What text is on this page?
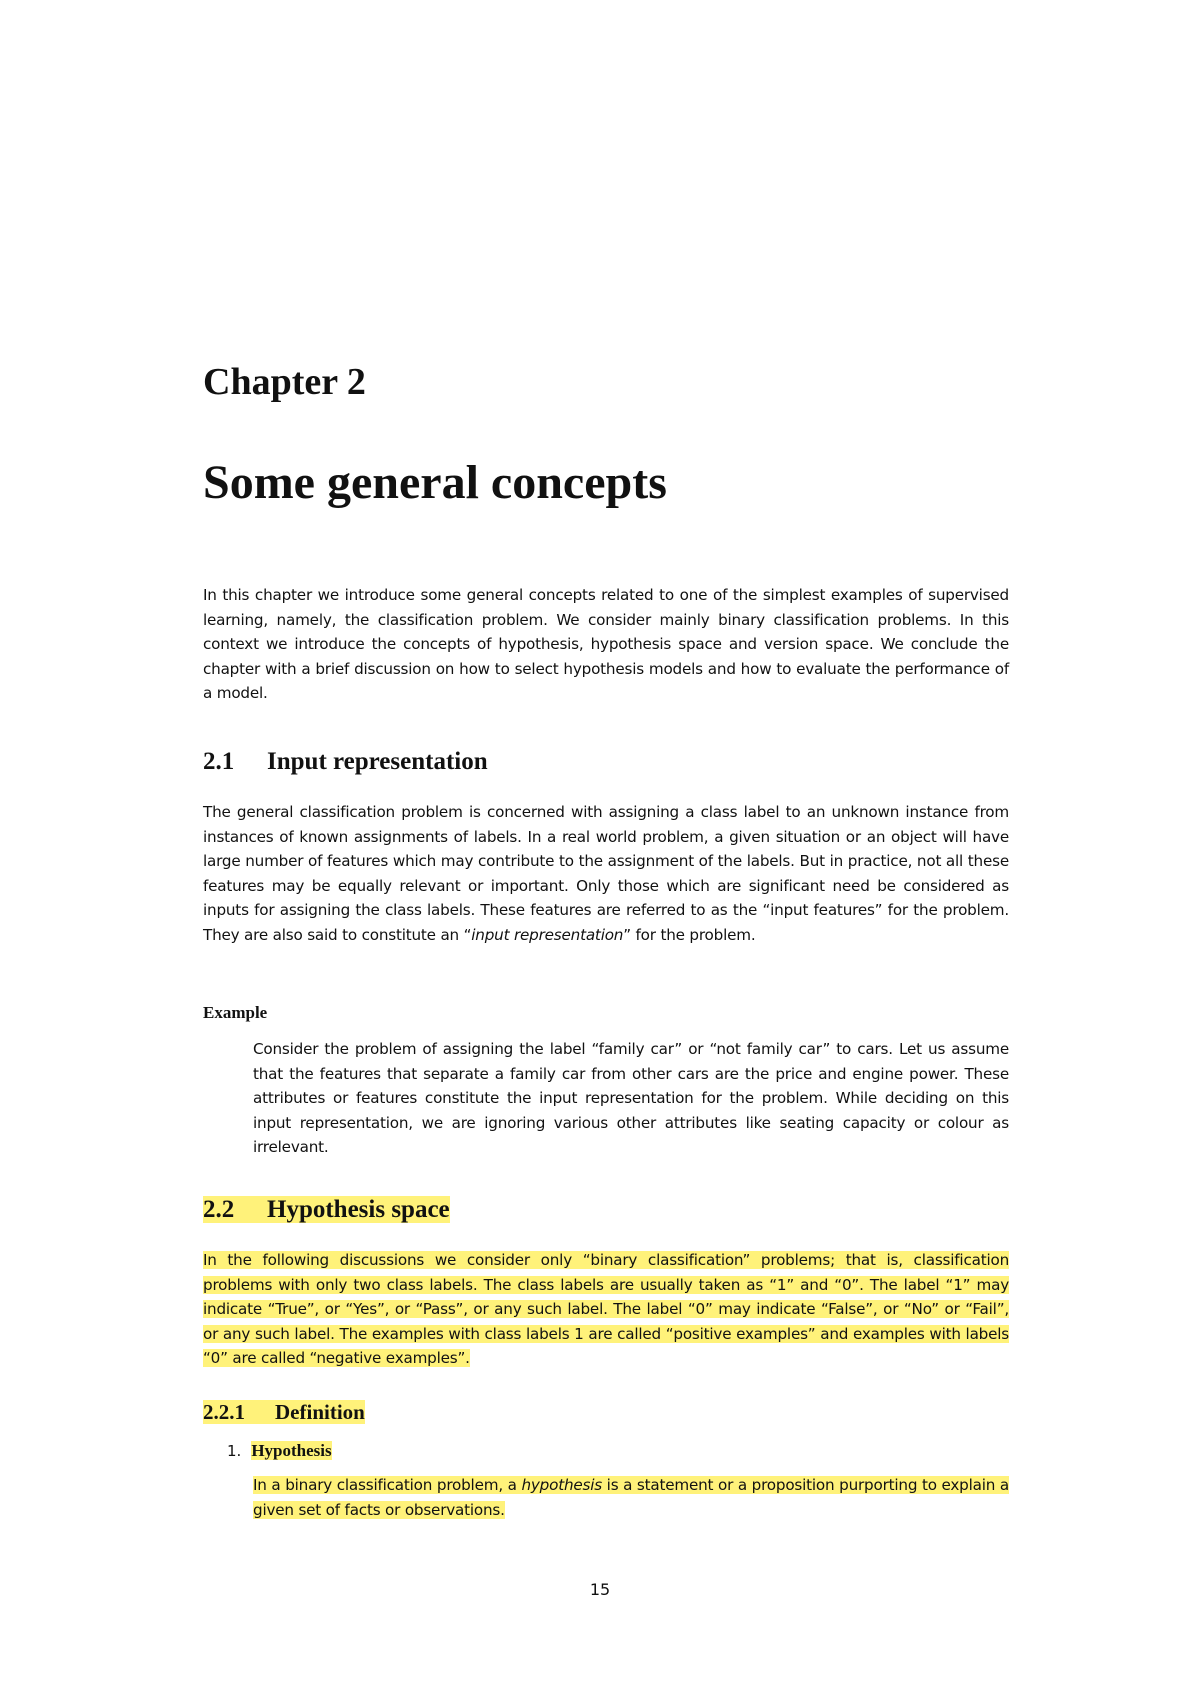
Chapter 2
Some general concepts

In this chapter we introduce some general concepts related to one of the simplest examples of supervised learning, namely, the classification problem. We consider mainly binary classification problems. In this context we introduce the concepts of hypothesis, hypothesis space and version space. We conclude the chapter with a brief discussion on how to select hypothesis models and how to evaluate the performance of a model.

2.1 Input representation

The general classification problem is concerned with assigning a class label to an unknown instance from instances of known assignments of labels. In a real world problem, a given situation or an object will have large number of features which may contribute to the assignment of the labels. But in practice, not all these features may be equally relevant or important. Only those which are significant need be considered as inputs for assigning the class labels. These features are referred to as the “input features” for the problem. They are also said to constitute an “input representation” for the problem.

Example

Consider the problem of assigning the label “family car” or “not family car” to cars. Let us assume that the features that separate a family car from other cars are the price and engine power. These attributes or features constitute the input representation for the problem. While deciding on this input representation, we are ignoring various other attributes like seating capacity or colour as irrelevant.

2.2 Hypothesis space

In the following discussions we consider only “binary classification” problems; that is, classification problems with only two class labels. The class labels are usually taken as “1” and “0”. The label “1” may indicate “True”, or “Yes”, or “Pass”, or any such label. The label “0” may indicate “False”, or “No” or “Fail”, or any such label. The examples with class labels 1 are called “positive examples” and examples with labels “0” are called “negative examples”.

2.2.1 Definition

1. Hypothesis

In a binary classification problem, a hypothesis is a statement or a proposition purporting to explain a given set of facts or observations.

15
